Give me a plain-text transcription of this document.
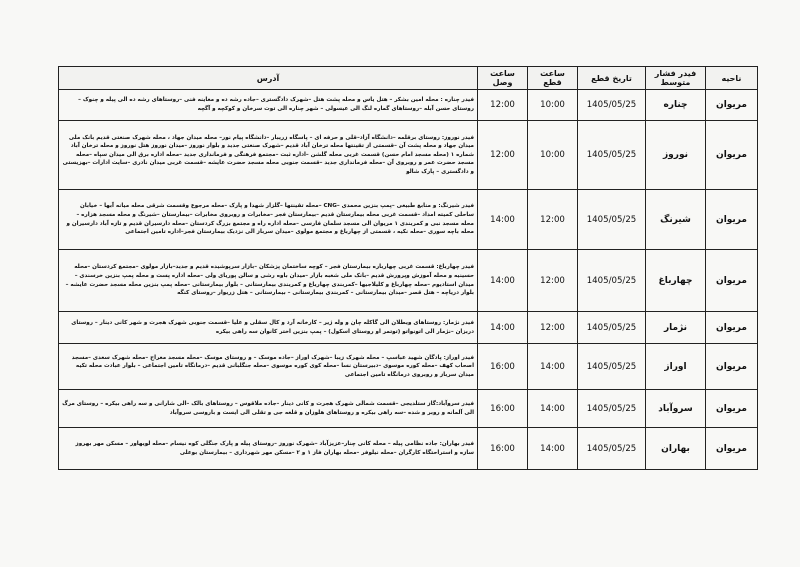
ناحیه	فیدر فشار متوسط	تاریخ قطع	ساعت قطع	ساعت وصل	آدرس
مریوان	چناره	1405/05/25	10:00	12:00	فیدر چناره : محله امین بشکر – هتل یاس و محله پشت هتل –شهرک دادگستری –جاده رشه ده و معاینه فنی –روستاهای رشه ده الی پیله و چنوک – روستای حسن آبله –روستاهای گماره لنگ الی عیسولی – شهر چناره الی توت سرخان و کوکچه و آگچه
مریوان	نوروز	1405/05/25	10:00	12:00	فیدر نوروز: روستای برقلمه –دانشگاه آزاد–قلی و حرفه ای – پاسگاه زریبار –دانشگاه پیام نور– محله میدان جهاد ، محله شهرک صنعتی قدیم بانک ملی میدان جهاد و محله پشت آن –قسمتی از تقینتها محله ترخان آباد قدیم –شهرک صنعتی جدید و بلوار نوروز –میدان نوروز هتل نوروز و محله ترخان آباد شماره ۱ (محله مسجد امام حسن) قسمت غربی محله گلشن –اداره ثبت –مجتمع فرهنگی و فرمانداری جدید –محله اداره برق الی میدان سپاه –محله مسجد حضرت عمر و روبروی آن –محله فرمانداری جدید –قسمت جنوبی محله مسجد حضرت عایشه –قسمت غربی میدان نادری –سایت ادارات –بهزیستی و دادگستری – پارک شالو
مریوان	شیرنگ	1405/05/25	12:00	14:00	فیدر شیرنگ: و منابع طبیعی –پمپ بنزین محمدی –CNG –محله تقینتها –گلزار شهدا و پارک –محله مرجوع وقسمت شرقی محله میانه آبها – خیابان ساحلی کمیته امداد –قسمت غربی محله بیمارستان قدیم –بیمارستان فجر –مخابرات و روبروی مخابرات –بیمارستان –شیرنگ و محله مسجد هزاره – محله مسجد نبی و کمربندی ۱ مریوان الی مسجد سلمان فارسی –محله اداره راه و مجتمع بزرگ کردستان –محله دارسیران قدیم و تازه آباد دارسیران و محله باچه سوری –محله نکیه ، قسمتی از چهارباغ و مجتمع مولوی –میدان سرباز الی نزدیک بیمارستان فجر–اداره تامین اجتماعی
مریوان	چهارباغ	1405/05/25	12:00	14:00	فیدر چهارباغ: قسمت غربی چهارباره بیمارستان فجر – کوچه ساختمان پزشکان –بازار سرپوشیده قدیم و جدید–بازار مولوی –مجتمع کردستان –محله حسینیه و محله آموزش وپرورش قدیم –بانک ملی شعبه بازار –میدان باوه رشی و سالن پوریای ولی –محله اداره پست و محله پمپ بنزین خرسندی – میدان استادیوم –محله چهارباغ و کلیلاجیها –کمربندی چهارباغ و کمربندی بیمارستانی – بلوار بیمارستانی –محله پمپ بنزین محله مسجد حضرت عایشه – بلوار دریاچه – هتل قصر –میدان بیمارستانی – کمربندی بیمارستانی – بیمارستانی – هتل زریوار –روستای کنگه
مریوان	نژمار	1405/05/25	12:00	14:00	فیدر نژمار: روستاهای ویطلان الی گاکله چان و وله ژیر – کارخانه آرد و کال سقلی و علیا –قسمت جنوبی شهرک هجرت و شهر کانی دینار – روستای دربزان –نژمار الی اتونواتو (توتمر او روستای اسکول) – پمپ بنزین اختر کانوان سه راهی بیکره
مریوان	اوراز	1405/05/25	14:00	16:00	فیدر اوراز: پادگان شهید عباسپ – محله شهرک زیبا –شهرک اوراز –جاده موسک – و روستای موسک –محله مسجد معراج –محله شهرک سعدی –مسجد اصحاب کهف –محله کوره موسوی –دبیرستان نسا –محله کوی کوره موسوی –محله جنگلبانی قدیم –درمانگاه تامین اجتماعی – بلوار عبادت محله تکیه میدان سرباز و روبروی درمانگاه تامین اجتماعی
مریوان	سروآباد	1405/05/25	14:00	16:00	فیدر سروآباد:گاز ستلدیجی –قسمت شمالی شهرک هجرت و کانی دینار –جاده ملاقوس – روستاهای بالک –الی شارانی و سه راهی بیکره – روستای مرگ الی آلمانه و روبر و شده –سه راهی بیکره و روستاهای هلوزان و قلعه جی و تقلی الی ایست و باروسی سروآباد
مریوان	بهاران	1405/05/25	14:00	16:00	فیدر بهاران: جاده نظامی پیله – محله کانی چنار–عزیزآباد –شهرک نوروز –روستای پیله و پارک جنگلی کوه نیسام –محله لویهاور – مسکن مهر بهروز سازه و استراحتگاه کارگران –محله نیلوفر –محله بهاران فاز ۱ و ۲ –مسکن مهر شهرداری – بیمارستان بوعلی
